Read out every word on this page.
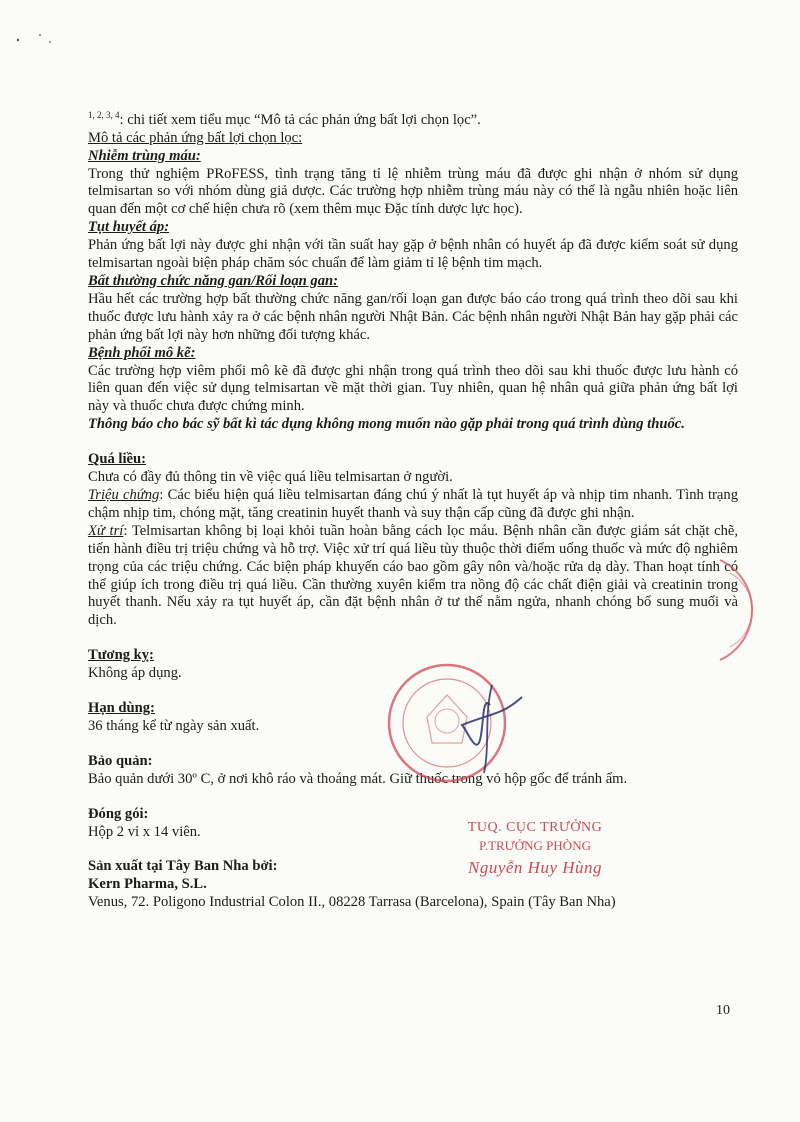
$^{1, 2, 3, 4}$: chi tiết xem tiểu mục “Mô tả các phản ứng bất lợi chọn lọc”.

Mô tả các phản ứng bất lợi chọn lọc:

Nhiễm trùng máu:

Trong thử nghiệm PRoFESS, tình trạng tăng tỉ lệ nhiễm trùng máu đã được ghi nhận ở nhóm sử dụng telmisartan so với nhóm dùng giả dược. Các trường hợp nhiễm trùng máu này có thể là ngẫu nhiên hoặc liên quan đến một cơ chế hiện chưa rõ (xem thêm mục Đặc tính dược lực học).

Tụt huyết áp:

Phản ứng bất lợi này được ghi nhận với tần suất hay gặp ở bệnh nhân có huyết áp đã được kiểm soát sử dụng telmisartan ngoài biện pháp chăm sóc chuẩn để làm giảm tỉ lệ bệnh tim mạch.

Bất thường chức năng gan/Rối loạn gan:

Hầu hết các trường hợp bất thường chức năng gan/rối loạn gan được báo cáo trong quá trình theo dõi sau khi thuốc được lưu hành xảy ra ở các bệnh nhân người Nhật Bản. Các bệnh nhân người Nhật Bản hay gặp phải các phản ứng bất lợi này hơn những đối tượng khác.

Bệnh phổi mô kẽ:

Các trường hợp viêm phổi mô kẽ đã được ghi nhận trong quá trình theo dõi sau khi thuốc được lưu hành có liên quan đến việc sử dụng telmisartan về mặt thời gian. Tuy nhiên, quan hệ nhân quả giữa phản ứng bất lợi này và thuốc chưa được chứng minh.

Thông báo cho bác sỹ bất kì tác dụng không mong muốn nào gặp phải trong quá trình dùng thuốc.

Quá liều:

Chưa có đầy đủ thông tin về việc quá liều telmisartan ở người.

Triệu chứng: Các biểu hiện quá liều telmisartan đáng chú ý nhất là tụt huyết áp và nhịp tim nhanh. Tình trạng chậm nhịp tim, chóng mặt, tăng creatinin huyết thanh và suy thận cấp cũng đã được ghi nhận.

Xử trí: Telmisartan không bị loại khỏi tuần hoàn bằng cách lọc máu. Bệnh nhân cần được giám sát chặt chẽ, tiến hành điều trị triệu chứng và hỗ trợ. Việc xử trí quá liều tùy thuộc thời điểm uống thuốc và mức độ nghiêm trọng của các triệu chứng. Các biện pháp khuyến cáo bao gồm gây nôn và/hoặc rửa dạ dày. Than hoạt tính có thể giúp ích trong điều trị quá liều. Cần thường xuyên kiểm tra nồng độ các chất điện giải và creatinin trong huyết thanh. Nếu xảy ra tụt huyết áp, cần đặt bệnh nhân ở tư thế nằm ngửa, nhanh chóng bổ sung muối và dịch.

Tương kỵ:

Không áp dụng.

Hạn dùng:

36 tháng kể từ ngày sản xuất.

Bảo quản:

Bảo quản dưới 30º C, ở nơi khô ráo và thoáng mát. Giữ thuốc trong vỏ hộp gốc để tránh ẩm.

Đóng gói:

Hộp 2 vỉ x 14 viên.

Sản xuất tại Tây Ban Nha bởi:

Kern Pharma, S.L.

Venus, 72. Poligono Industrial Colon II., 08228 Tarrasa (Barcelona), Spain (Tây Ban Nha)

TUQ. CỤC TRƯỞNG
P.TRƯỞNG PHÒNG
Nguyễn Huy Hùng
10
